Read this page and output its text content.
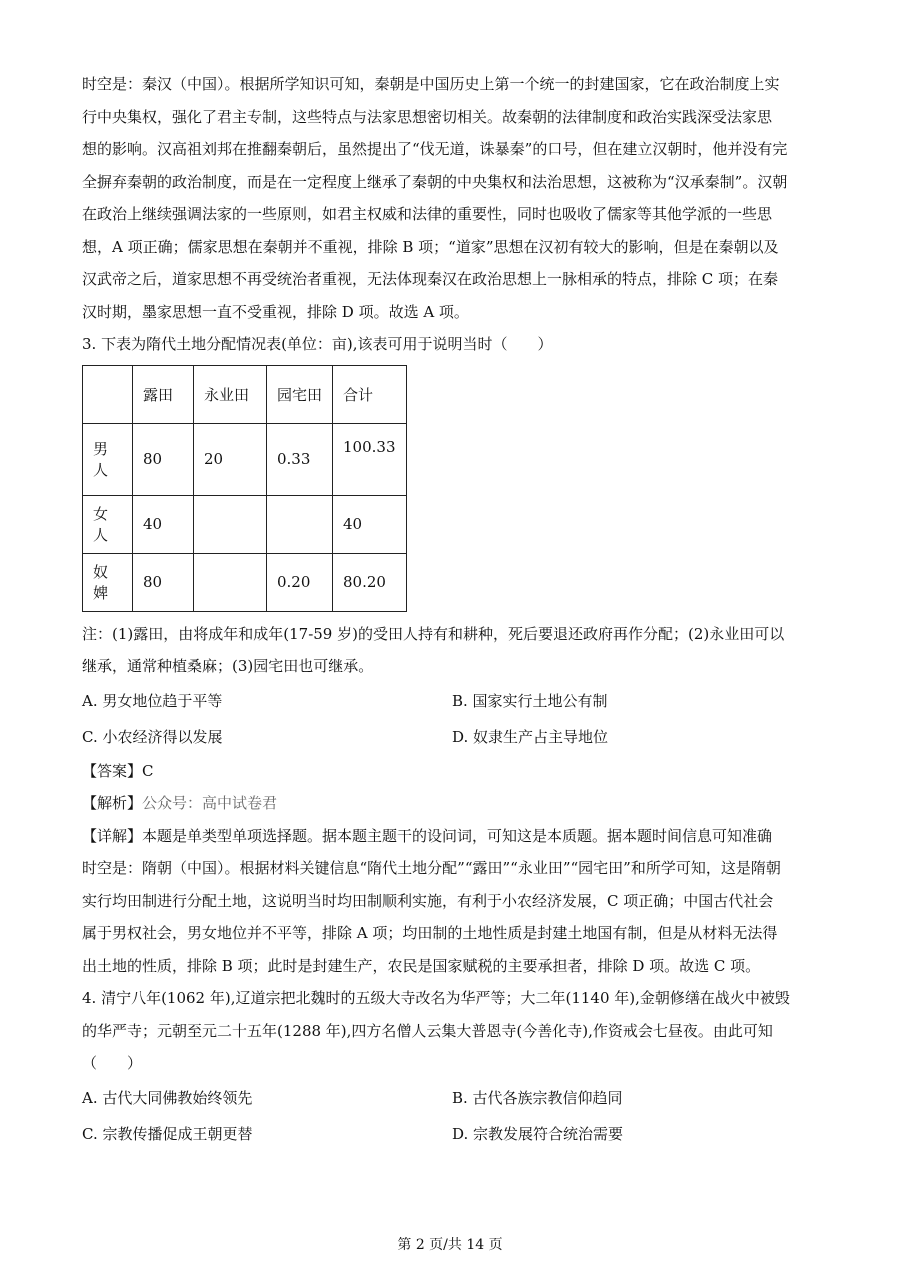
时空是：秦汉（中国）。根据所学知识可知，秦朝是中国历史上第一个统一的封建国家，它在政治制度上实

行中央集权，强化了君主专制，这些特点与法家思想密切相关。故秦朝的法律制度和政治实践深受法家思

想的影响。汉高祖刘邦在推翻秦朝后，虽然提出了“伐无道，诛暴秦”的口号，但在建立汉朝时，他并没有完

全摒弃秦朝的政治制度，而是在一定程度上继承了秦朝的中央集权和法治思想，这被称为“汉承秦制”。汉朝

在政治上继续强调法家的一些原则，如君主权威和法律的重要性，同时也吸收了儒家等其他学派的一些思

想，A 项正确；儒家思想在秦朝并不重视，排除 B 项；“道家”思想在汉初有较大的影响，但是在秦朝以及

汉武帝之后，道家思想不再受统治者重视，无法体现秦汉在政治思想上一脉相承的特点，排除 C 项；在秦

汉时期，墨家思想一直不受重视，排除 D 项。故选 A 项。

3. 下表为隋代土地分配情况表(单位：亩),该表可用于说明当时（　　）

	露田	永业田	园宅田	合计
男人	80	20	0.33	100.33
女人	40			40
奴婢	80		0.20	80.20

注：(1)露田，由将成年和成年(17-59 岁)的受田人持有和耕种，死后要退还政府再作分配；(2)永业田可以

继承，通常种植桑麻；(3)园宅田也可继承。

A. 男女地位趋于平等	B. 国家实行土地公有制
C. 小农经济得以发展	D. 奴隶生产占主导地位

【答案】C

【解析】公众号：高中试卷君

【详解】本题是单类型单项选择题。据本题主题干的设问词，可知这是本质题。据本题时间信息可知准确

时空是：隋朝（中国）。根据材料关键信息“隋代土地分配”“露田”“永业田”“园宅田”和所学可知，这是隋朝

实行均田制进行分配土地，这说明当时均田制顺利实施，有利于小农经济发展，C 项正确；中国古代社会

属于男权社会，男女地位并不平等，排除 A 项；均田制的土地性质是封建土地国有制，但是从材料无法得

出土地的性质，排除 B 项；此时是封建生产，农民是国家赋税的主要承担者，排除 D 项。故选 C 项。

4. 清宁八年(1062 年),辽道宗把北魏时的五级大寺改名为华严等；大二年(1140 年),金朝修缮在战火中被毁

的华严寺；元朝至元二十五年(1288 年),四方名僧人云集大普恩寺(今善化寺),作资戒会七昼夜。由此可知

（　　）

A. 古代大同佛教始终领先	B. 古代各族宗教信仰趋同
C. 宗教传播促成王朝更替	D. 宗教发展符合统治需要
第 2 页/共 14 页
